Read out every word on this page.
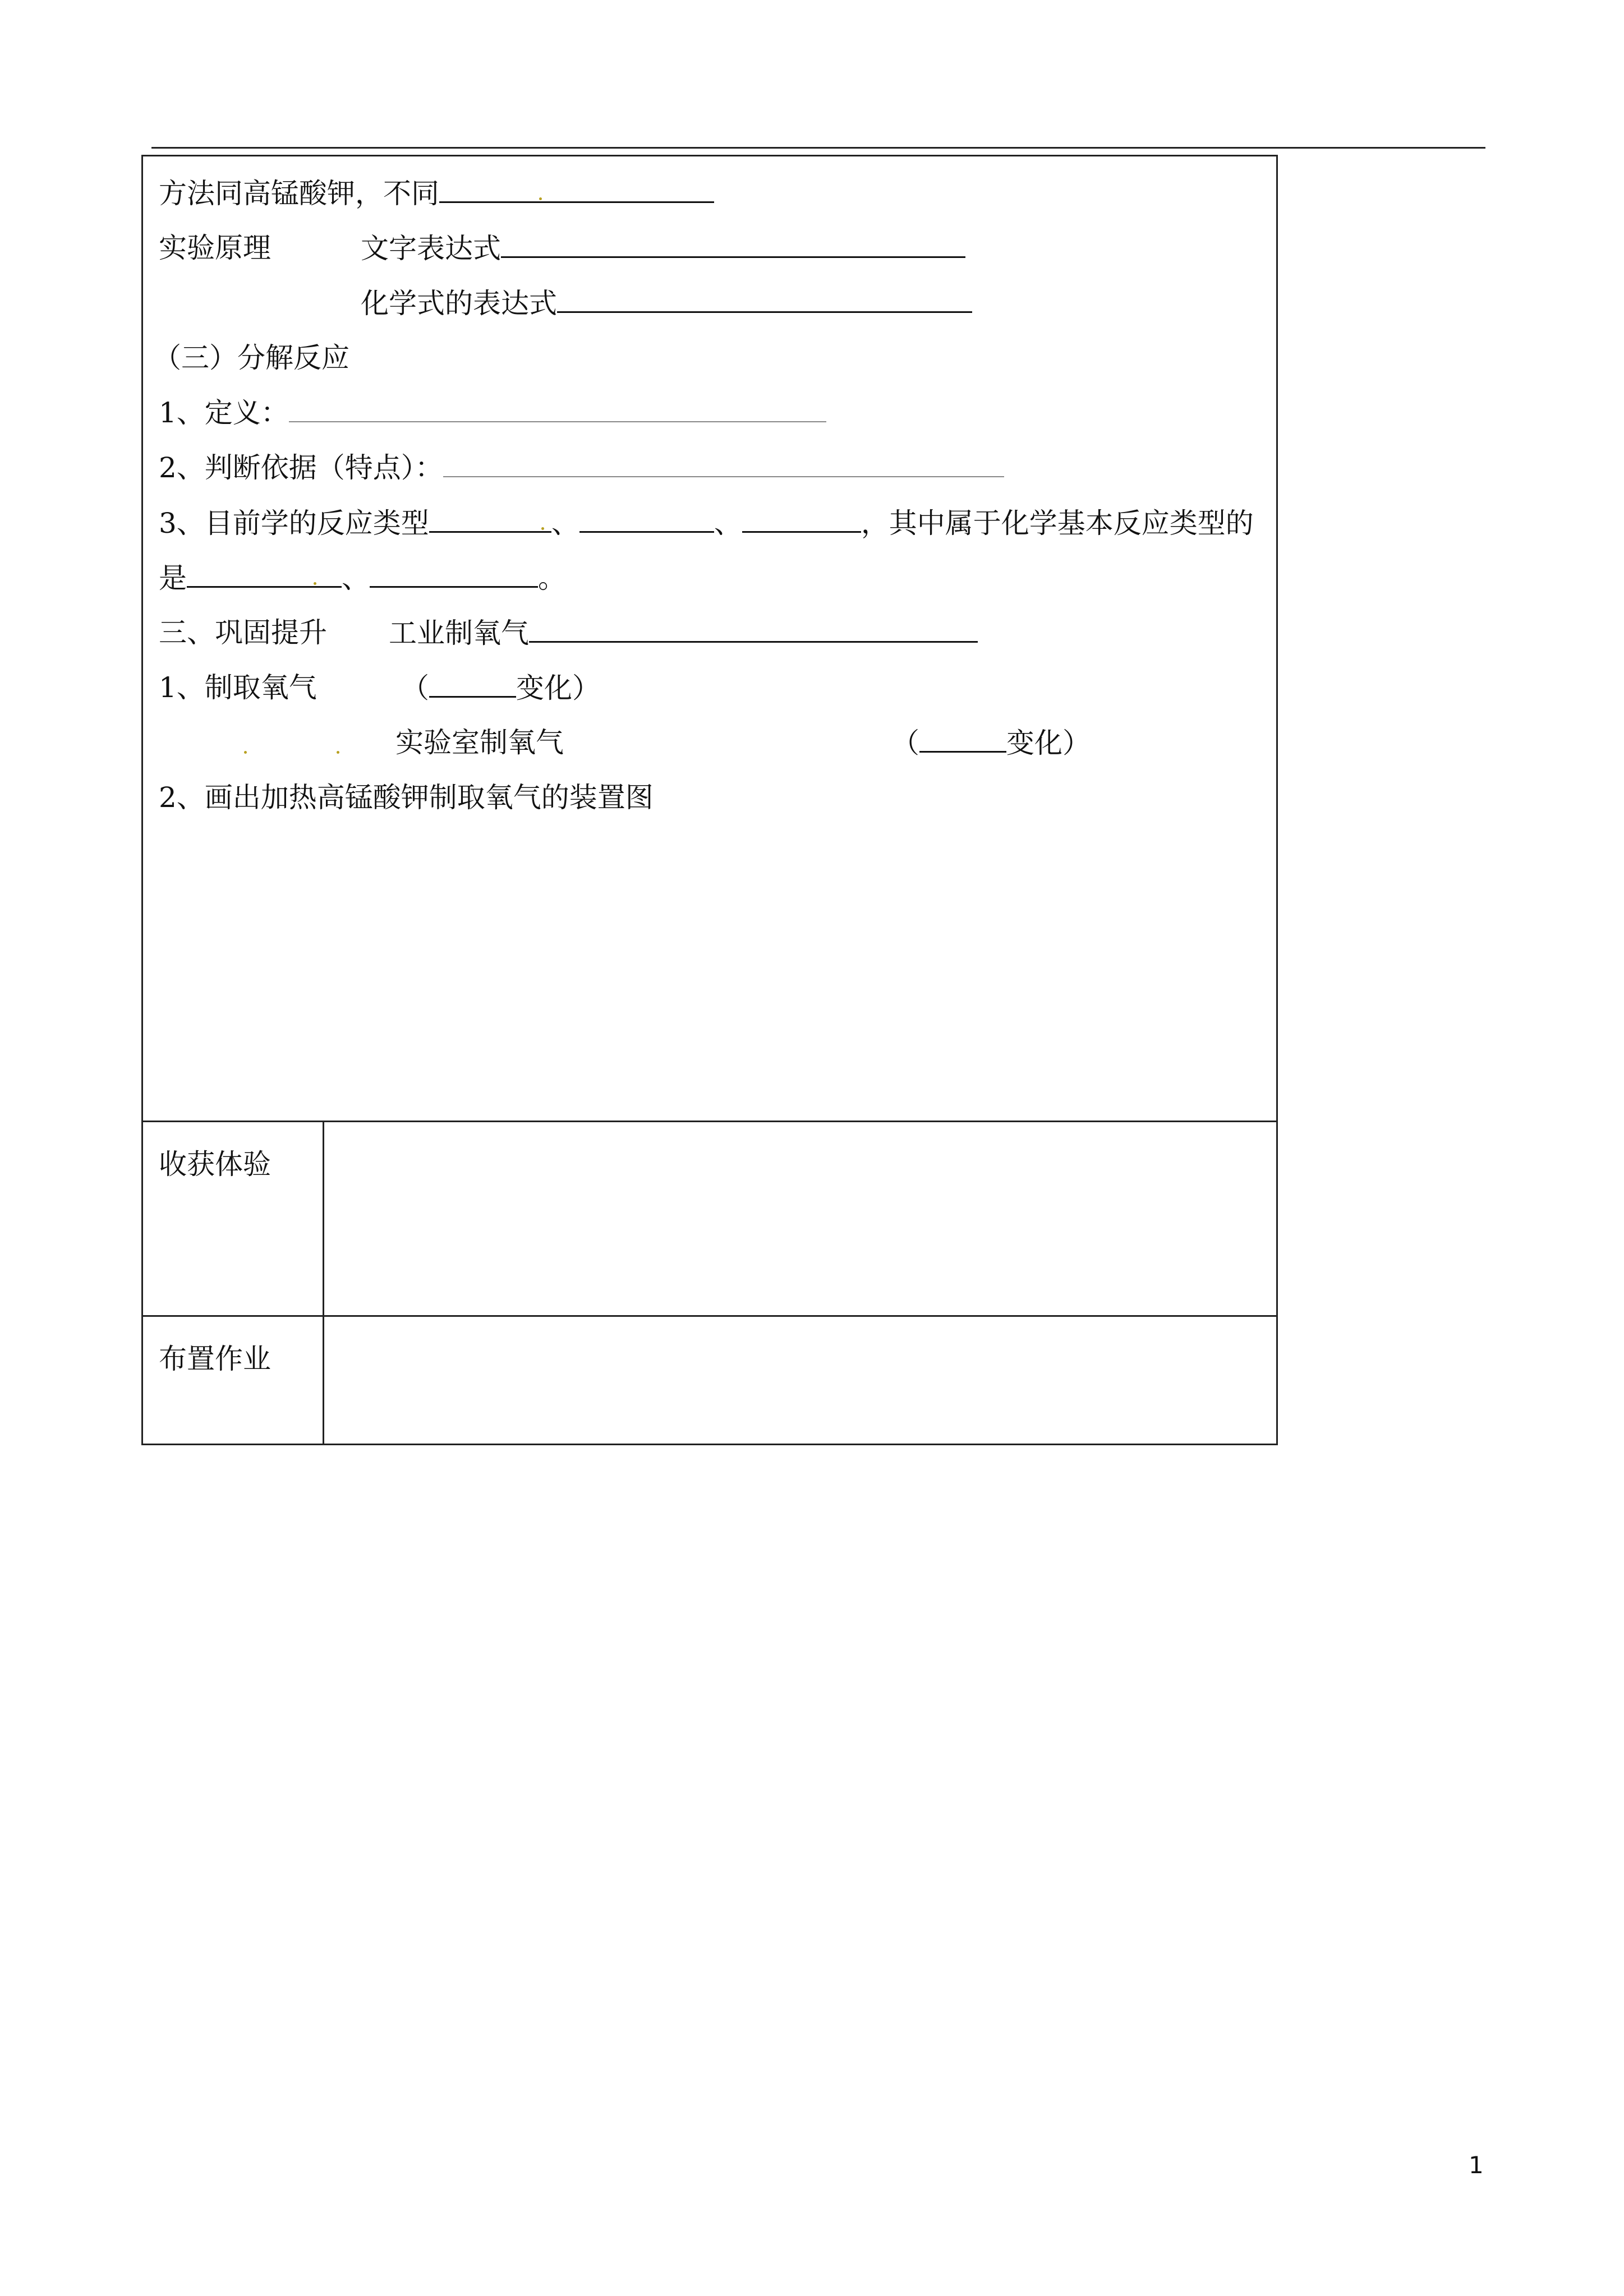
方法同高锰酸钾，不同
实验原理	文字表达式
化学式的表达式
（三）分解反应
1、定义：
2、判断依据（特点）：
3、目前学的反应类型	、	、	，其中属于化学基本反应类型的
是	、	。
三、巩固提升 工业制氧气
1、制取氧气	（	变化）
实验室制氧气	（	变化）
2、画出加热高锰酸钾制取氧气的装置图
收获体验
布置作业
1
